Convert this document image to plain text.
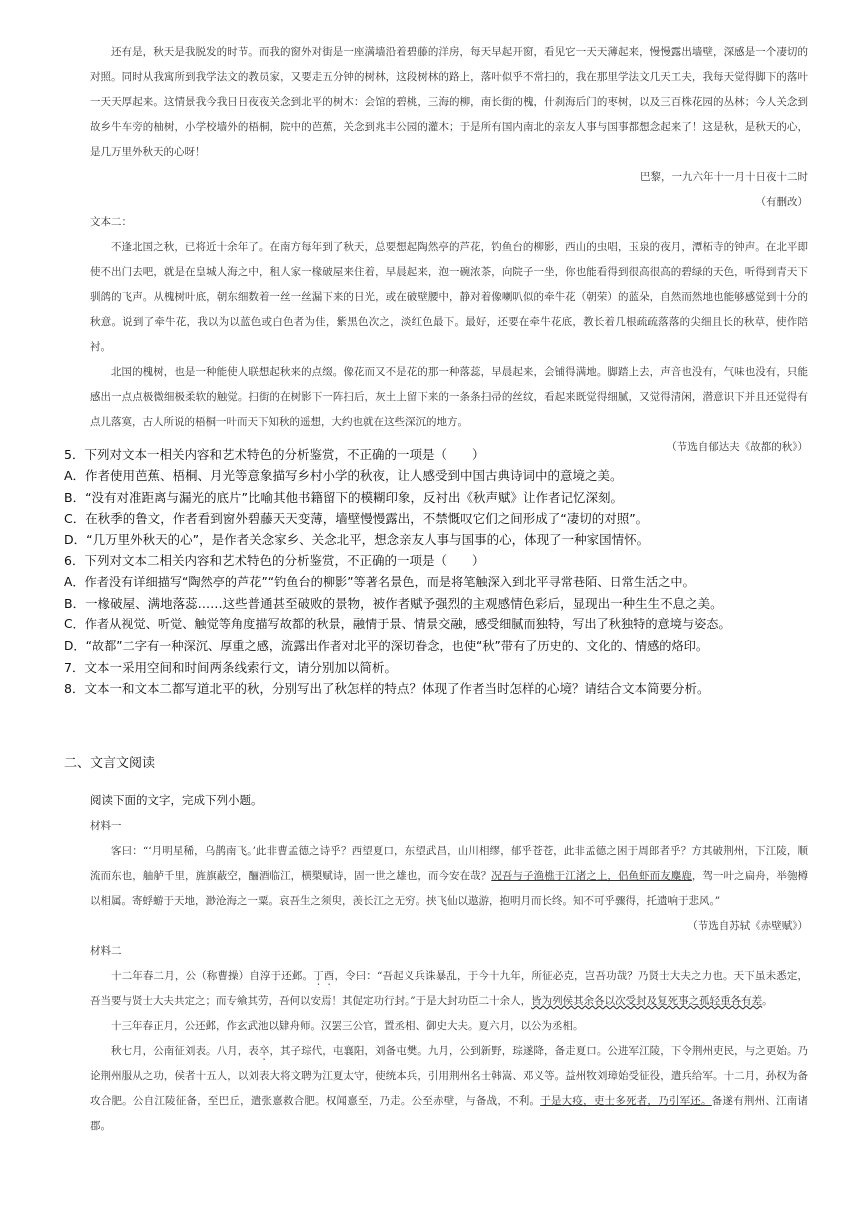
还有是，秋天是我脱发的时节。而我的窗外对街是一座满墙沿着碧藤的洋房，每天早起开窗，看见它一天天薄起来，慢慢露出墙壁，深感是一个凄切的对照。同时从我寓所到我学法文的教员家，又要走五分钟的树林，这段树林的路上，落叶似乎不常扫的，我在那里学法文几天工夫，我每天觉得脚下的落叶一天天厚起来。这情景我今我日日夜夜关念到北平的树木：会馆的碧桃，三海的柳，南长街的槐，什刹海后门的枣树，以及三百株花园的丛林；今人关念到故乡牛车旁的柚树，小学校墙外的梧桐，院中的芭蕉，关念到兆丰公园的灌木；于是所有国内南北的亲友人事与国事都想念起来了！这是秋，是秋天的心，是几万里外秋天的心呀！

巴黎，一九六年十一月十日夜十二时

（有删改）

文本二：

不逢北国之秋，已将近十余年了。在南方每年到了秋天，总要想起陶然亭的芦花，钓鱼台的柳影，西山的虫唱，玉泉的夜月，潭柘寺的钟声。在北平即使不出门去吧，就是在皇城人海之中，租人家一椽破屋来住着，早晨起来，泡一碗浓茶，向院子一坐，你也能看得到很高很高的碧绿的天色，听得到青天下驯鸽的飞声。从槐树叶底，朝东细数着一丝一丝漏下来的日光，或在破壁腰中，静对着像喇叭似的牵牛花（朝荣）的蓝朵，自然而然地也能够感觉到十分的秋意。说到了牵牛花，我以为以蓝色或白色者为佳，紫黑色次之，淡红色最下。最好，还要在牵牛花底，教长着几根疏疏落落的尖细且长的秋草，使作陪衬。

北国的槐树，也是一种能使人联想起秋来的点缀。像花而又不是花的那一种落蕊，早晨起来，会铺得满地。脚踏上去，声音也没有，气味也没有，只能感出一点点极微细极柔软的触觉。扫街的在树影下一阵扫后，灰土上留下来的一条条扫帚的丝纹，看起来既觉得细腻，又觉得清闲，潜意识下并且还觉得有点儿落寞，古人所说的梧桐一叶而天下知秋的遥想，大约也就在这些深沉的地方。

（节选自郁达夫《故都的秋》）

5．下列对文本一相关内容和艺术特色的分析鉴赏，不正确的一项是（　　）

A．作者使用芭蕉、梧桐、月光等意象描写乡村小学的秋夜，让人感受到中国古典诗词中的意境之美。

B．“没有对准距离与漏光的底片”比喻其他书籍留下的模糊印象，反衬出《秋声赋》让作者记忆深刻。

C．在秋季的鲁文，作者看到窗外碧藤天天变薄，墙壁慢慢露出，不禁慨叹它们之间形成了“凄切的对照”。

D．“几万里外秋天的心”，是作者关念家乡、关念北平，想念亲友人事与国事的心，体现了一种家国情怀。

6．下列对文本二相关内容和艺术特色的分析鉴赏，不正确的一项是（　　）

A．作者没有详细描写“陶然亭的芦花”“钓鱼台的柳影”等著名景色，而是将笔触深入到北平寻常巷陌、日常生活之中。

B．一椽破屋、满地落蕊……这些普通甚至破败的景物，被作者赋予强烈的主观感情色彩后，显现出一种生生不息之美。

C．作者从视觉、听觉、触觉等角度描写故都的秋景，融情于景、情景交融，感受细腻而独特，写出了秋独特的意境与姿态。

D．“故都”二字有一种深沉、厚重之感，流露出作者对北平的深切眷念，也使“秋”带有了历史的、文化的、情感的烙印。

7．文本一采用空间和时间两条线索行文，请分别加以简析。

8．文本一和文本二都写道北平的秋，分别写出了秋怎样的特点？体现了作者当时怎样的心境？请结合文本简要分析。

二、文言文阅读

阅读下面的文字，完成下列小题。

材料一

客曰：“‘月明星稀，乌鹊南飞。’此非曹孟德之诗乎？西望夏口，东望武昌，山川相缪，郁乎苍苍，此非孟德之困于周郎者乎？方其破荆州，下江陵，顺流而东也，舳舻千里，旌旗蔽空，酾酒临江，横槊赋诗，固一世之雄也，而今安在哉？况吾与子渔樵于江渚之上，侣鱼虾而友麋鹿，驾一叶之扁舟，举匏樽以相属。寄蜉蝣于天地，渺沧海之一粟。哀吾生之须臾，羡长江之无穷。挟飞仙以遨游，抱明月而长终。知不可乎骤得，托遗响于悲风。”

（节选自苏轼《赤壁赋》）

材料二

十二年春二月，公（称曹操）自淳于还邺。丁酉，令曰：“吾起义兵诛暴乱，于今十九年，所征必克，岂吾功哉？乃贤士大夫之力也。天下虽未悉定，吾当要与贤士大夫共定之；而专飨其劳，吾何以安焉！其促定功行封。”于是大封功臣二十余人，皆为列侯其余各以次受封及复死事之孤轻重各有差。

十三年春正月，公还邺，作玄武池以肄舟师。汉罢三公官，置丞相、御史大夫。夏六月，以公为丞相。

秋七月，公南征刘表。八月，表卒，其子琮代，屯襄阳，刘备屯樊。九月，公到新野，琮遂降，备走夏口。公进军江陵，下令荆州吏民，与之更始。乃论荆州服从之功，侯者十五人，以刘表大将文聘为江夏太守，使统本兵，引用荆州名士韩嵩、邓义等。益州牧刘璋始受征役，遣兵给军。十二月，孙权为备攻合肥。公自江陵征备，至巴丘，遣张憙救合肥。权闻憙至，乃走。公至赤壁，与备战，不利。于是大疫，吏士多死者，乃引军还。备遂有荆州、江南诸郡。
